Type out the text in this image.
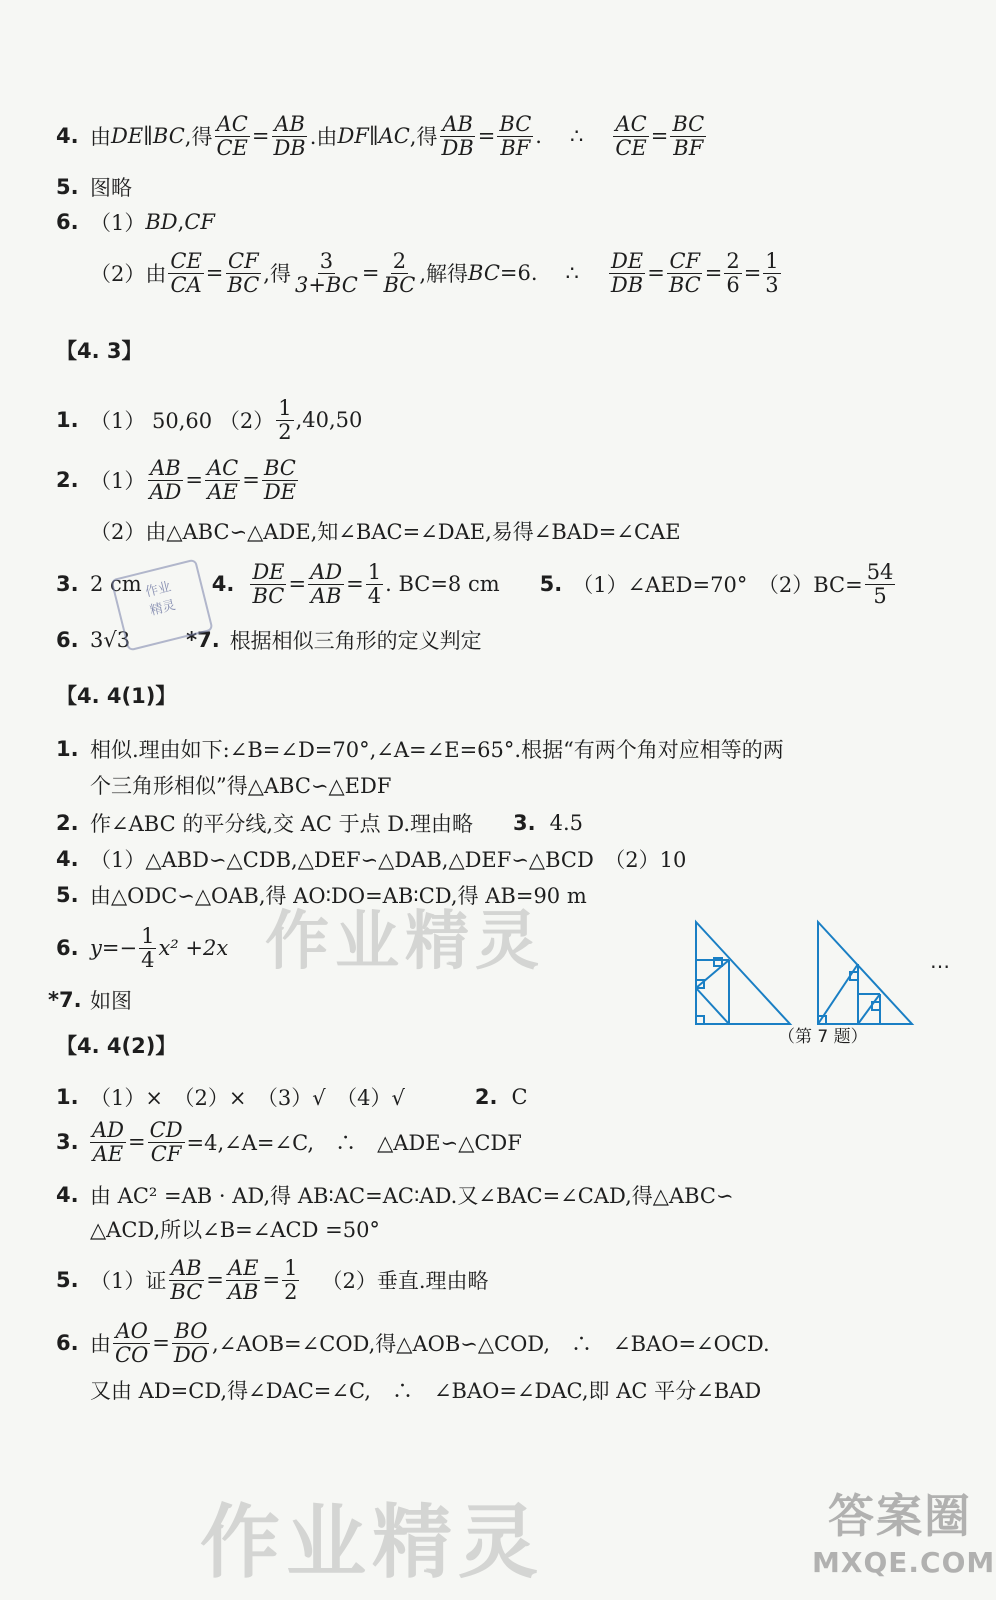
4. 由 DE ∥ BC ,得 $\frac{AC}{CE} = \frac{AB}{DB}$ .由 DF ∥ AC ,得 $\frac{AB}{DB} = \frac{BC}{BF}$ . ∴ $\frac{AC}{CE} = \frac{BC}{BF}$
5. 图略
6. （1） BD , CF
（2） 由 $\frac{CE}{CA} = \frac{CF}{BC}$ ,得 $\frac{3}{3+BC} = \frac{2}{BC}$ ,解得 BC =6. ∴ $\frac{DE}{DB} = \frac{CF}{BC} = \frac{2}{6} = \frac{1}{3}$
【4. 3】
1. （1） 50,60 $(2) \frac{1}{2} ,40,50$
2. $(1) \frac{AB}{AD} = \frac{AC}{AE} = \frac{BC}{DE}$
（2）由△ABC∽△ADE,知∠BAC=∠DAE,易得∠BAD=∠CAE
3. 2 cm	4. $\frac{DE}{BC} = \frac{AD}{AB} = \frac{1}{4}$ . BC=8 cm 5. （1）∠AED=70°　$(2)BC= \frac{54}{5}$
6. 3√3	*7. 根据相似三角形的定义判定
作业
精灵
【4. 4(1)】
1. 相似.理由如下:∠B=∠D=70°,∠A=∠E=65°.根据“有两个角对应相等的两
个三角形相似”得△ABC∽△EDF
2. 作∠ABC 的平分线,交 AC 于点 D.理由略 3. 4.5
4. （1）△ABD∽△CDB,△DEF∽△DAB,△DEF∽△BCD　（2）10
5. 由△ODC∽△OAB,得 AO∶DO=AB∶CD,得 AB=90 m
6. $y=- \frac{1}{4} x^2 +2x$
*7. 如图
…
（第 7 题）
【4. 4(2)】
1. （1）×　（2）×　（3）√　（4）√	2. C
3. $\frac{AD}{AE} = \frac{CD}{CF}$ =4,∠A=∠C,　∴　△ADE∽△CDF
4. 由 AC² =AB · AD,得 AB∶AC=AC∶AD.又∠BAC=∠CAD,得△ABC∽
△ACD,所以∠B=∠ACD =50°
5. （1）证 $\frac{AB}{BC} = \frac{AE}{AB} = \frac{1}{2} (2)$垂直.理由略
6. 由 $\frac{AO}{CO} = \frac{BO}{DO}$ ,∠AOB=∠COD,得△AOB∽△COD,　∴　∠BAO=∠OCD.
又由 AD=CD,得∠DAC=∠C,　∴　∠BAO=∠DAC,即 AC 平分∠BAD
作业精灵
作业精灵	答案圈
MXQE.COM
